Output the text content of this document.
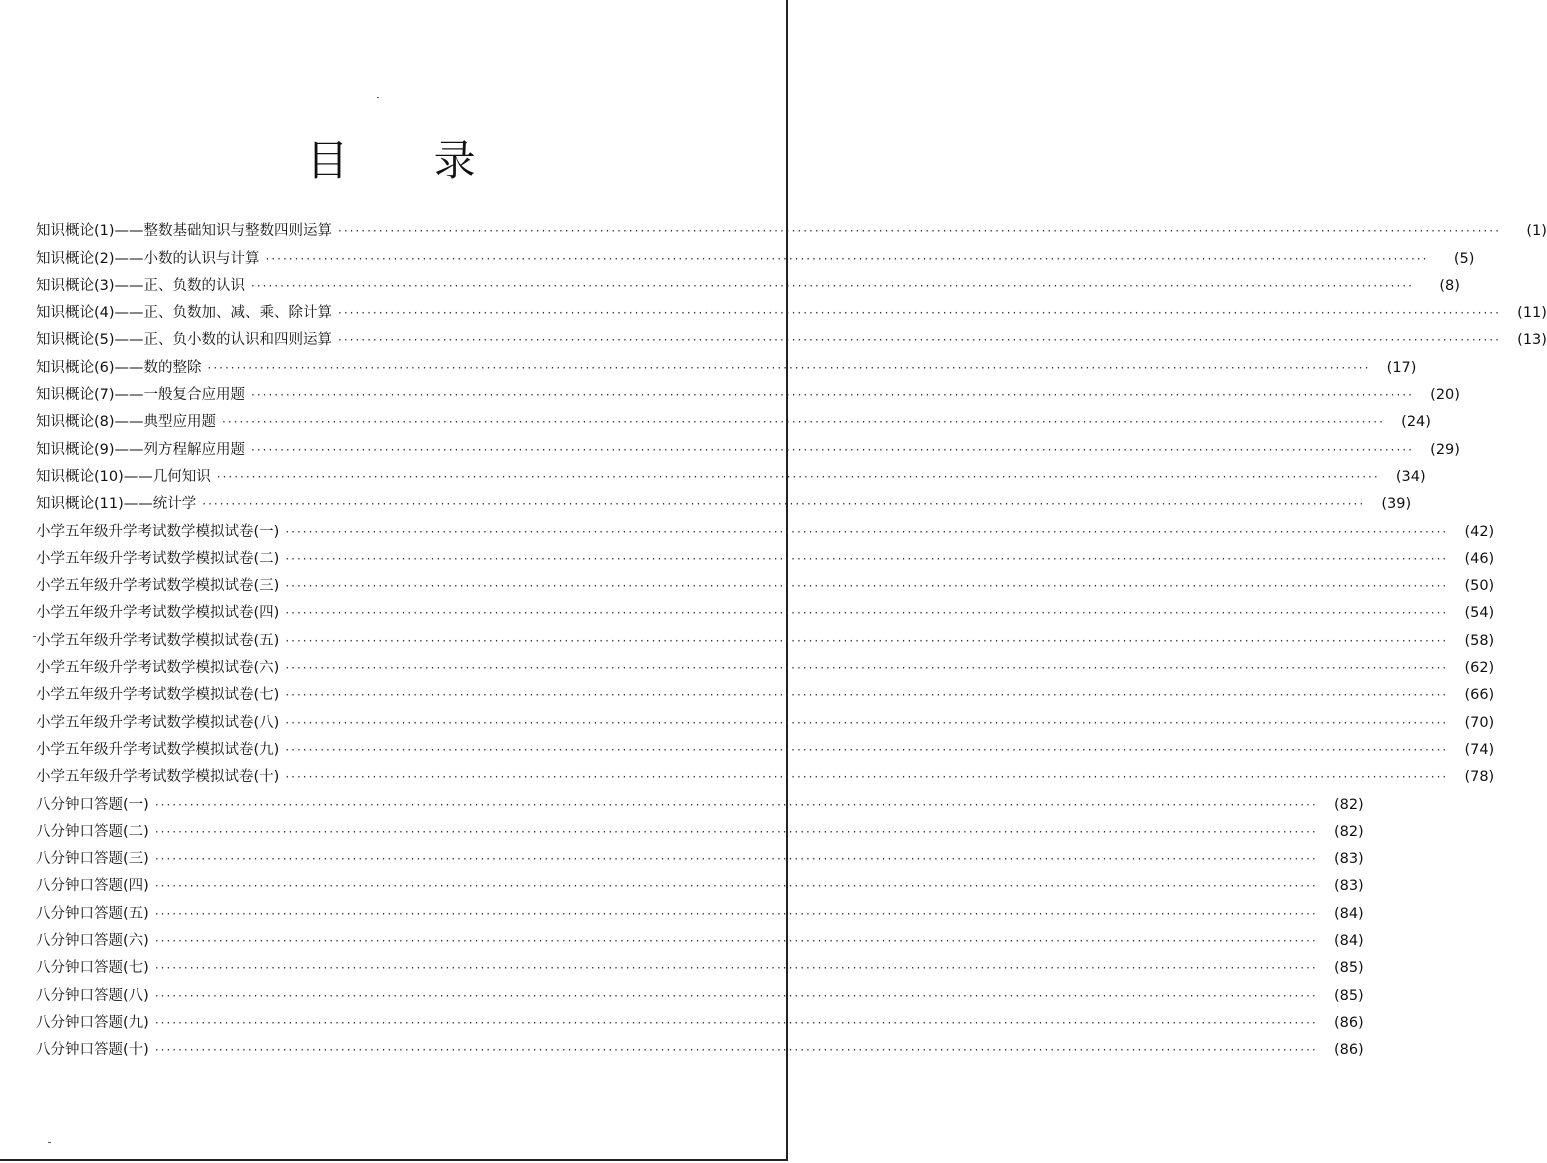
目 录
知识概论(1)——整数基础知识与整数四则运算 ········································································································································································································	(1)
知识概论(2)——小数的认识与计算 ········································································································································································································	(5)
知识概论(3)——正、负数的认识 ········································································································································································································	(8)
知识概论(4)——正、负数加、减、乘、除计算 ········································································································································································································	(11)
知识概论(5)——正、负小数的认识和四则运算 ········································································································································································································	(13)
知识概论(6)——数的整除 ········································································································································································································	(17)
知识概论(7)——一般复合应用题 ········································································································································································································	(20)
知识概论(8)——典型应用题 ········································································································································································································	(24)
知识概论(9)——列方程解应用题 ········································································································································································································	(29)
知识概论(10)——几何知识 ········································································································································································································	(34)
知识概论(11)——统计学 ········································································································································································································	(39)
小学五年级升学考试数学模拟试卷(一) ········································································································································································································	(42)
小学五年级升学考试数学模拟试卷(二) ········································································································································································································	(46)
小学五年级升学考试数学模拟试卷(三) ········································································································································································································	(50)
小学五年级升学考试数学模拟试卷(四) ········································································································································································································	(54)
小学五年级升学考试数学模拟试卷(五) ········································································································································································································	(58)
小学五年级升学考试数学模拟试卷(六) ········································································································································································································	(62)
小学五年级升学考试数学模拟试卷(七) ········································································································································································································	(66)
小学五年级升学考试数学模拟试卷(八) ········································································································································································································	(70)
小学五年级升学考试数学模拟试卷(九) ········································································································································································································	(74)
小学五年级升学考试数学模拟试卷(十) ········································································································································································································	(78)
八分钟口答题(一) ········································································································································································································	(82)
八分钟口答题(二) ········································································································································································································	(82)
八分钟口答题(三) ········································································································································································································	(83)
八分钟口答题(四) ········································································································································································································	(83)
八分钟口答题(五) ········································································································································································································	(84)
八分钟口答题(六) ········································································································································································································	(84)
八分钟口答题(七) ········································································································································································································	(85)
八分钟口答题(八) ········································································································································································································	(85)
八分钟口答题(九) ········································································································································································································	(86)
八分钟口答题(十) ········································································································································································································	(86)
